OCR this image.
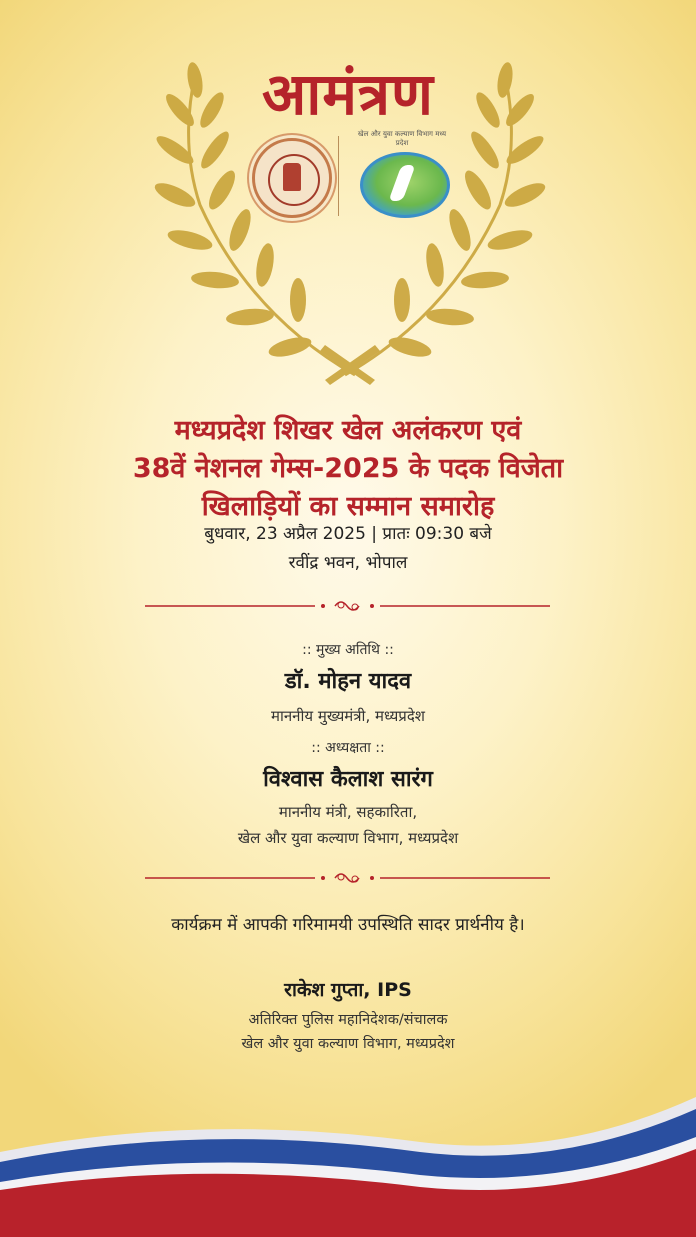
आमंत्रण
खेल और युवा कल्याण विभाग मध्य प्रदेश
मध्यप्रदेश शिखर खेल अलंकरण एवं
38वें नेशनल गेम्स-2025 के पदक विजेता
खिलाड़ियों का सम्मान समारोह
बुधवार, 23 अप्रैल 2025 | प्रातः 09:30 बजे
रवींद्र भवन, भोपाल
:: मुख्य अतिथि ::
डॉ. मोहन यादव
माननीय मुख्यमंत्री, मध्यप्रदेश
:: अध्यक्षता ::
विश्वास कैलाश सारंग
माननीय मंत्री, सहकारिता,
खेल और युवा कल्याण विभाग, मध्यप्रदेश
कार्यक्रम में आपकी गरिमामयी उपस्थिति सादर प्रार्थनीय है।
राकेश गुप्ता, IPS
अतिरिक्त पुलिस महानिदेशक/संचालक
खेल और युवा कल्याण विभाग, मध्यप्रदेश
